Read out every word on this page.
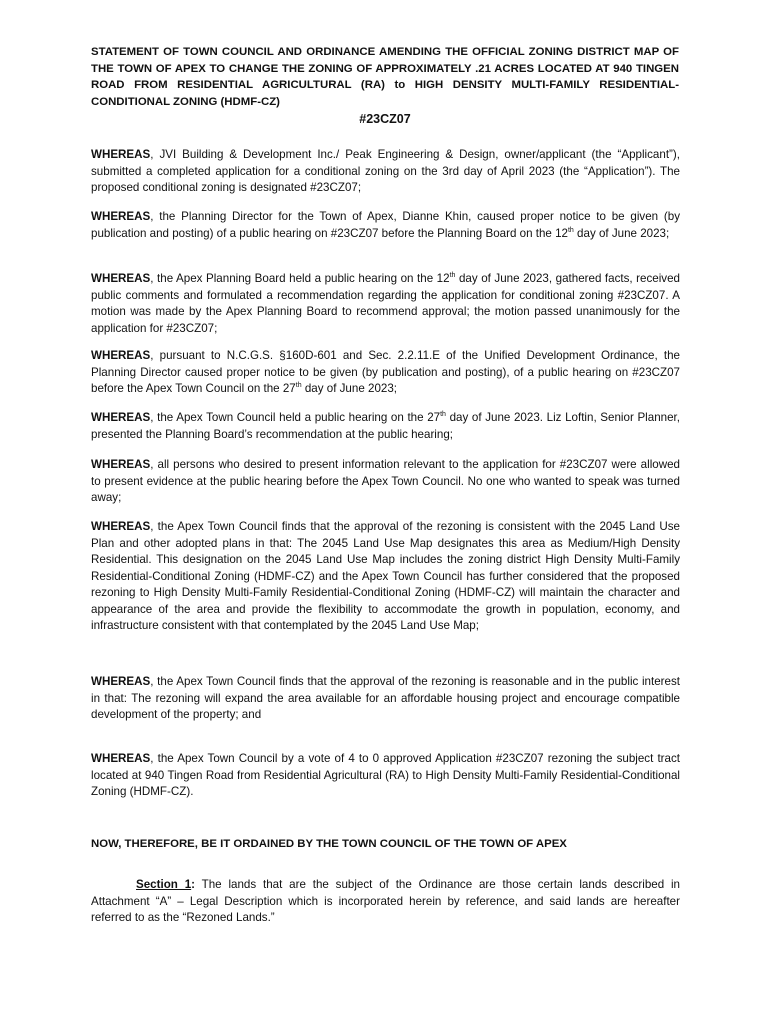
STATEMENT OF TOWN COUNCIL AND ORDINANCE AMENDING THE OFFICIAL ZONING DISTRICT MAP OF THE TOWN OF APEX TO CHANGE THE ZONING OF APPROXIMATELY .21 ACRES LOCATED AT 940 TINGEN ROAD FROM RESIDENTIAL AGRICULTURAL (RA) to HIGH DENSITY MULTI-FAMILY RESIDENTIAL-CONDITIONAL ZONING (HDMF-CZ)

#23CZ07

WHEREAS, JVI Building & Development Inc./ Peak Engineering & Design, owner/applicant (the “Applicant”), submitted a completed application for a conditional zoning on the 3rd day of April 2023 (the “Application”). The proposed conditional zoning is designated #23CZ07;

WHEREAS, the Planning Director for the Town of Apex, Dianne Khin, caused proper notice to be given (by publication and posting) of a public hearing on #23CZ07 before the Planning Board on the 12th day of June 2023;

WHEREAS, the Apex Planning Board held a public hearing on the 12th day of June 2023, gathered facts, received public comments and formulated a recommendation regarding the application for conditional zoning #23CZ07. A motion was made by the Apex Planning Board to recommend approval; the motion passed unanimously for the application for #23CZ07;

WHEREAS, pursuant to N.C.G.S. §160D-601 and Sec. 2.2.11.E of the Unified Development Ordinance, the Planning Director caused proper notice to be given (by publication and posting), of a public hearing on #23CZ07 before the Apex Town Council on the 27th day of June 2023;

WHEREAS, the Apex Town Council held a public hearing on the 27th day of June 2023. Liz Loftin, Senior Planner, presented the Planning Board’s recommendation at the public hearing;

WHEREAS, all persons who desired to present information relevant to the application for #23CZ07 were allowed to present evidence at the public hearing before the Apex Town Council. No one who wanted to speak was turned away;

WHEREAS, the Apex Town Council finds that the approval of the rezoning is consistent with the 2045 Land Use Plan and other adopted plans in that: The 2045 Land Use Map designates this area as Medium/High Density Residential. This designation on the 2045 Land Use Map includes the zoning district High Density Multi-Family Residential-Conditional Zoning (HDMF-CZ) and the Apex Town Council has further considered that the proposed rezoning to High Density Multi-Family Residential-Conditional Zoning (HDMF-CZ) will maintain the character and appearance of the area and provide the flexibility to accommodate the growth in population, economy, and infrastructure consistent with that contemplated by the 2045 Land Use Map;

WHEREAS, the Apex Town Council finds that the approval of the rezoning is reasonable and in the public interest in that: The rezoning will expand the area available for an affordable housing project and encourage compatible development of the property; and

WHEREAS, the Apex Town Council by a vote of 4 to 0 approved Application #23CZ07 rezoning the subject tract located at 940 Tingen Road from Residential Agricultural (RA) to High Density Multi-Family Residential-Conditional Zoning (HDMF-CZ).

NOW, THEREFORE, BE IT ORDAINED BY THE TOWN COUNCIL OF THE TOWN OF APEX

Section 1: The lands that are the subject of the Ordinance are those certain lands described in Attachment “A” – Legal Description which is incorporated herein by reference, and said lands are hereafter referred to as the “Rezoned Lands.”
